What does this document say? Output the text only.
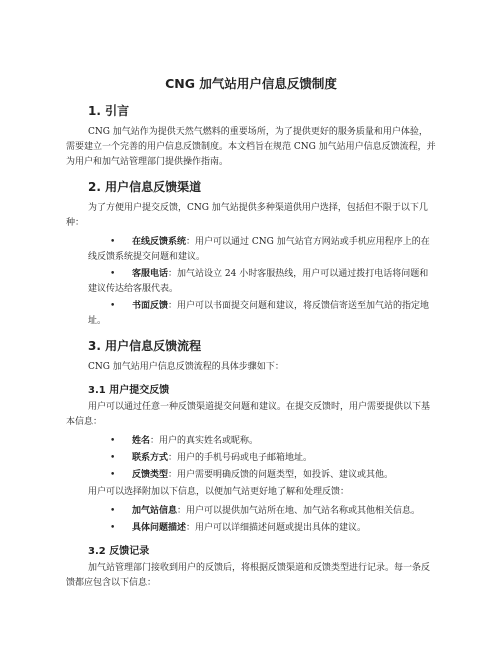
CNG 加气站用户信息反馈制度
1. 引言
CNG 加气站作为提供天然气燃料的重要场所，为了提供更好的服务质量和用户体验，需要建立一个完善的用户信息反馈制度。本文档旨在规范 CNG 加气站用户信息反馈流程，并为用户和加气站管理部门提供操作指南。
2. 用户信息反馈渠道
为了方便用户提交反馈，CNG 加气站提供多种渠道供用户选择，包括但不限于以下几种：
• 在线反馈系统：用户可以通过 CNG 加气站官方网站或手机应用程序上的在线反馈系统提交问题和建议。
• 客服电话：加气站设立 24 小时客服热线，用户可以通过拨打电话将问题和建议传达给客服代表。
• 书面反馈：用户可以书面提交问题和建议，将反馈信寄送至加气站的指定地址。
3. 用户信息反馈流程
CNG 加气站用户信息反馈流程的具体步骤如下：
3.1 用户提交反馈
用户可以通过任意一种反馈渠道提交问题和建议。在提交反馈时，用户需要提供以下基本信息：
• 姓名：用户的真实姓名或昵称。
• 联系方式：用户的手机号码或电子邮箱地址。
• 反馈类型：用户需要明确反馈的问题类型，如投诉、建议或其他。
用户可以选择附加以下信息，以便加气站更好地了解和处理反馈：
• 加气站信息：用户可以提供加气站所在地、加气站名称或其他相关信息。
• 具体问题描述：用户可以详细描述问题或提出具体的建议。
3.2 反馈记录
加气站管理部门接收到用户的反馈后，将根据反馈渠道和反馈类型进行记录。每一条反馈都应包含以下信息：
